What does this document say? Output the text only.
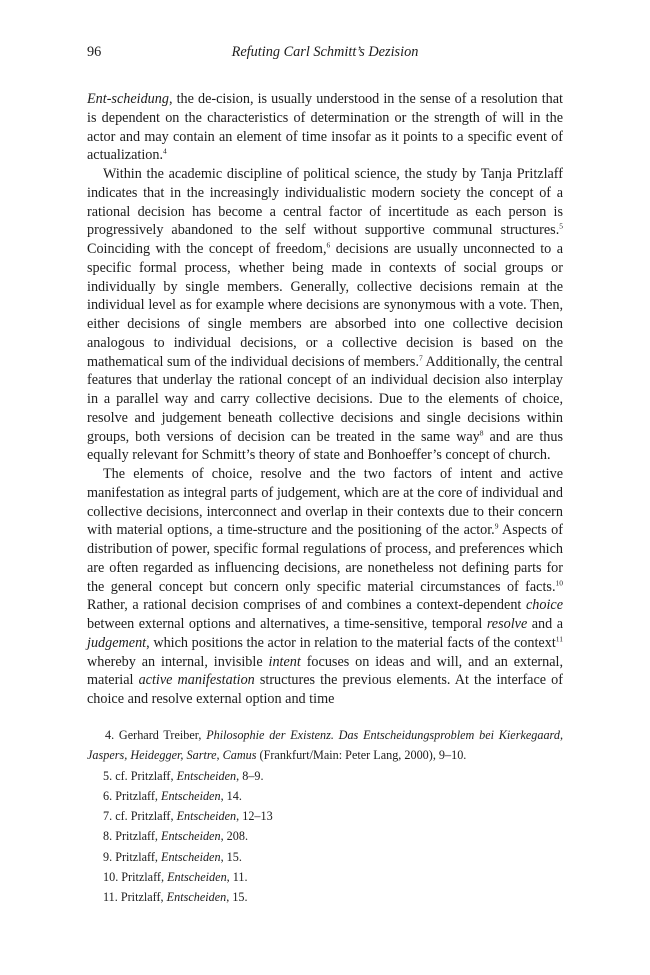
96	Refuting Carl Schmitt’s Dezision

Ent-scheidung, the de-cision, is usually understood in the sense of a resolution that is dependent on the characteristics of determination or the strength of will in the actor and may contain an element of time insofar as it points to a specific event of actualization.$^4$

Within the academic discipline of political science, the study by Tanja Pritzlaff indicates that in the increasingly individualistic modern society the concept of a rational decision has become a central factor of incertitude as each person is progressively abandoned to the self without supportive communal structures.$^5$ Coinciding with the concept of freedom,$^6$ decisions are usually unconnected to a specific formal process, whether being made in contexts of social groups or individually by single members. Generally, collective decisions remain at the individual level as for example where decisions are synonymous with a vote. Then, either decisions of single members are absorbed into one collective decision analogous to individual decisions, or a collective decision is based on the mathematical sum of the individual decisions of members.$^7$ Additionally, the central features that underlay the rational concept of an individual decision also interplay in a parallel way and carry collective decisions. Due to the elements of choice, resolve and judgement beneath collective decisions and single decisions within groups, both versions of decision can be treated in the same way$^8$ and are thus equally relevant for Schmitt’s theory of state and Bonhoeffer’s concept of church.

The elements of choice, resolve and the two factors of intent and active manifestation as integral parts of judgement, which are at the core of individual and collective decisions, interconnect and overlap in their contexts due to their concern with material options, a time-structure and the positioning of the actor.$^9$ Aspects of distribution of power, specific formal regulations of process, and preferences which are often regarded as influencing decisions, are nonetheless not defining parts for the general concept but concern only specific material circumstances of facts.$^{10}$ Rather, a rational decision comprises of and combines a context-dependent choice between external options and alternatives, a time-sensitive, temporal resolve and a judgement, which positions the actor in relation to the material facts of the context$^{11}$ whereby an internal, invisible intent focuses on ideas and will, and an external, material active manifestation structures the previous elements. At the interface of choice and resolve external option and time

4. Gerhard Treiber, Philosophie der Existenz. Das Entscheidungsproblem bei Kierkegaard, Jaspers, Heidegger, Sartre, Camus (Frankfurt/Main: Peter Lang, 2000), 9–10.

5. cf. Pritzlaff, Entscheiden, 8–9.

6. Pritzlaff, Entscheiden, 14.

7. cf. Pritzlaff, Entscheiden, 12–13

8. Pritzlaff, Entscheiden, 208.

9. Pritzlaff, Entscheiden, 15.

10. Pritzlaff, Entscheiden, 11.

11. Pritzlaff, Entscheiden, 15.
